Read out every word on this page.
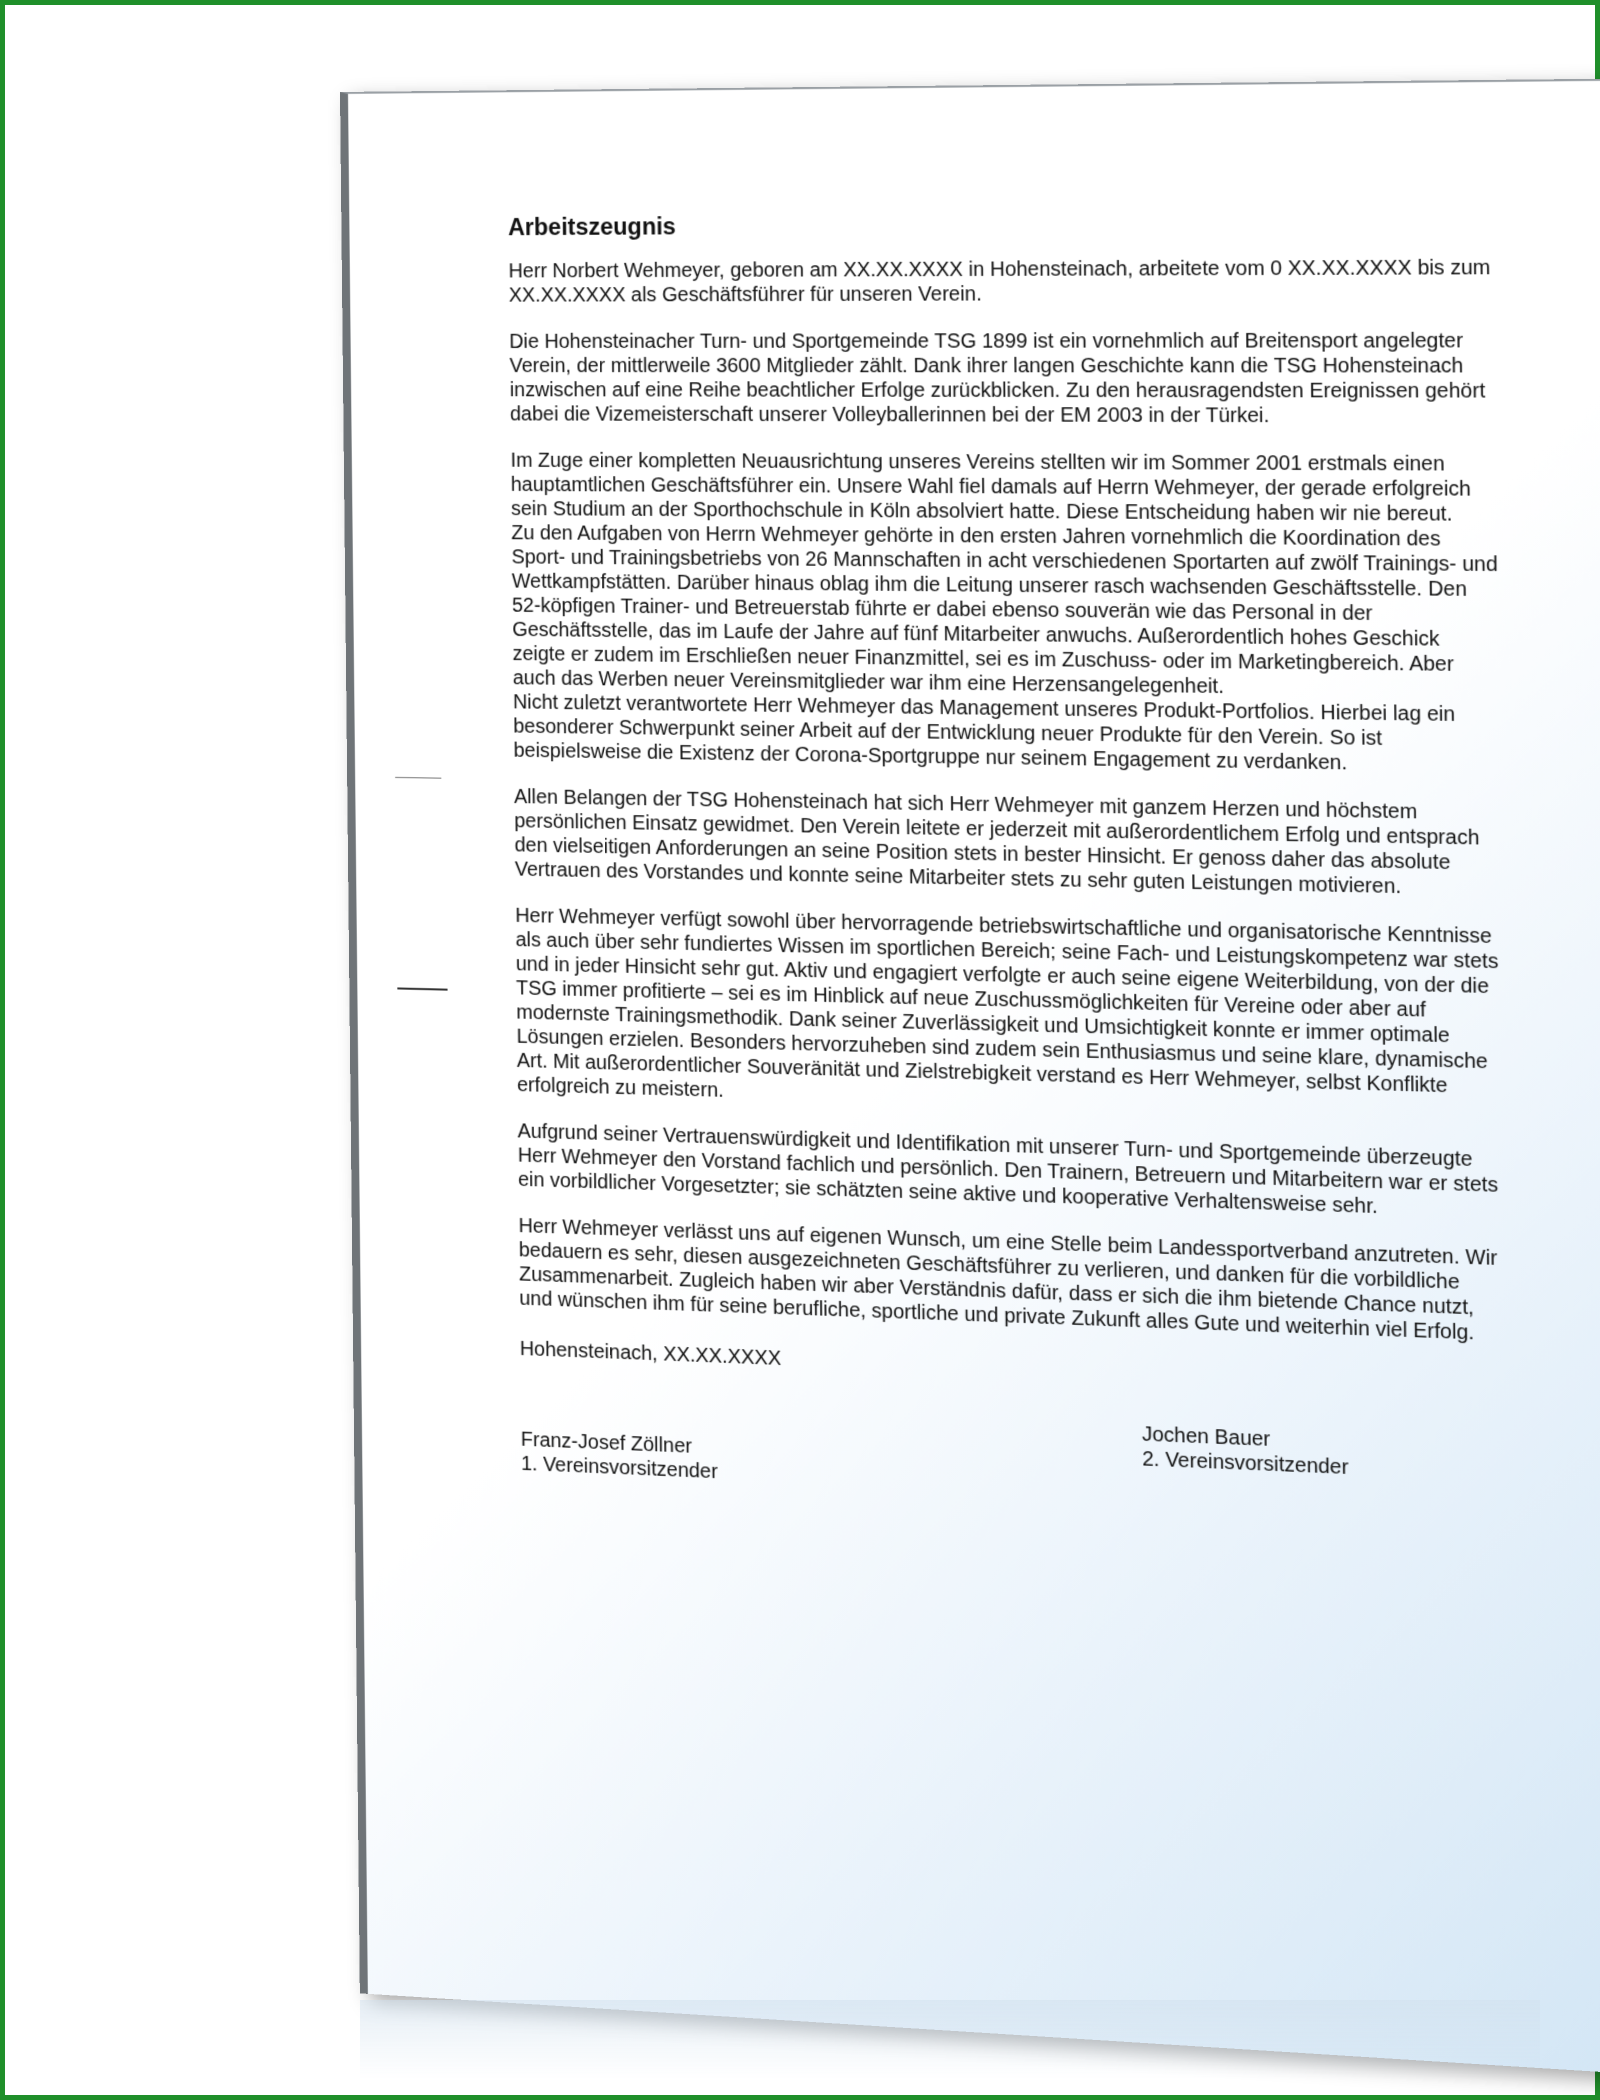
Arbeitszeugnis

Herr Norbert Wehmeyer, geboren am XX.XX.XXXX in Hohensteinach, arbeitete vom 0 XX.XX.XXXX bis zum XX.XX.XXXX als Geschäftsführer für unseren Verein.

Die Hohensteinacher Turn- und Sportgemeinde TSG 1899 ist ein vornehmlich auf Breitensport angelegter Verein, der mittlerweile 3600 Mitglieder zählt. Dank ihrer langen Geschichte kann die TSG Hohensteinach inzwischen auf eine Reihe beachtlicher Erfolge zurückblicken. Zu den herausragendsten Ereignissen gehört dabei die Vizemeisterschaft unserer Volleyballerinnen bei der EM 2003 in der Türkei.

Im Zuge einer kompletten Neuausrichtung unseres Vereins stellten wir im Sommer 2001 erstmals einen hauptamtlichen Geschäftsführer ein. Unsere Wahl fiel damals auf Herrn Wehmeyer, der gerade erfolgreich sein Studium an der Sporthochschule in Köln absolviert hatte. Diese Entscheidung haben wir nie bereut.

Zu den Aufgaben von Herrn Wehmeyer gehörte in den ersten Jahren vornehmlich die Koordination des Sport- und Trainingsbetriebs von 26 Mannschaften in acht verschiedenen Sportarten auf zwölf Trainings- und Wettkampfstätten. Darüber hinaus oblag ihm die Leitung unserer rasch wachsenden Geschäftsstelle. Den 52-köpfigen Trainer- und Betreuerstab führte er dabei ebenso souverän wie das Personal in der Geschäftsstelle, das im Laufe der Jahre auf fünf Mitarbeiter anwuchs. Außerordentlich hohes Geschick zeigte er zudem im Erschließen neuer Finanzmittel, sei es im Zuschuss- oder im Marketingbereich. Aber auch das Werben neuer Vereinsmitglieder war ihm eine Herzensangelegenheit.

Nicht zuletzt verantwortete Herr Wehmeyer das Management unseres Produkt-Portfolios. Hierbei lag ein besonderer Schwerpunkt seiner Arbeit auf der Entwicklung neuer Produkte für den Verein. So ist beispielsweise die Existenz der Corona-Sportgruppe nur seinem Engagement zu verdanken.

Allen Belangen der TSG Hohensteinach hat sich Herr Wehmeyer mit ganzem Herzen und höchstem persönlichen Einsatz gewidmet. Den Verein leitete er jederzeit mit außerordentlichem Erfolg und entsprach den vielseitigen Anforderungen an seine Position stets in bester Hinsicht. Er genoss daher das absolute Vertrauen des Vorstandes und konnte seine Mitarbeiter stets zu sehr guten Leistungen motivieren.

Herr Wehmeyer verfügt sowohl über hervorragende betriebswirtschaftliche und organisatorische Kenntnisse als auch über sehr fundiertes Wissen im sportlichen Bereich; seine Fach- und Leistungskompetenz war stets und in jeder Hinsicht sehr gut. Aktiv und engagiert verfolgte er auch seine eigene Weiterbildung, von der die TSG immer profitierte – sei es im Hinblick auf neue Zuschussmöglichkeiten für Vereine oder aber auf modernste Trainingsmethodik. Dank seiner Zuverlässigkeit und Umsichtigkeit konnte er immer optimale Lösungen erzielen. Besonders hervorzuheben sind zudem sein Enthusiasmus und seine klare, dynamische Art. Mit außerordentlicher Souveränität und Zielstrebigkeit verstand es Herr Wehmeyer, selbst Konflikte erfolgreich zu meistern.

Aufgrund seiner Vertrauenswürdigkeit und Identifikation mit unserer Turn- und Sportgemeinde überzeugte Herr Wehmeyer den Vorstand fachlich und persönlich. Den Trainern, Betreuern und Mitarbeitern war er stets ein vorbildlicher Vorgesetzter; sie schätzten seine aktive und kooperative Verhaltensweise sehr.

Herr Wehmeyer verlässt uns auf eigenen Wunsch, um eine Stelle beim Landessportverband anzutreten. Wir bedauern es sehr, diesen ausgezeichneten Geschäftsführer zu verlieren, und danken für die vorbildliche Zusammenarbeit. Zugleich haben wir aber Verständnis dafür, dass er sich die ihm bietende Chance nutzt, und wünschen ihm für seine berufliche, sportliche und private Zukunft alles Gute und weiterhin viel Erfolg.

Hohensteinach, XX.XX.XXXX
Franz-Josef Zöllner
1. Vereinsvorsitzender
Jochen Bauer
2. Vereinsvorsitzender
